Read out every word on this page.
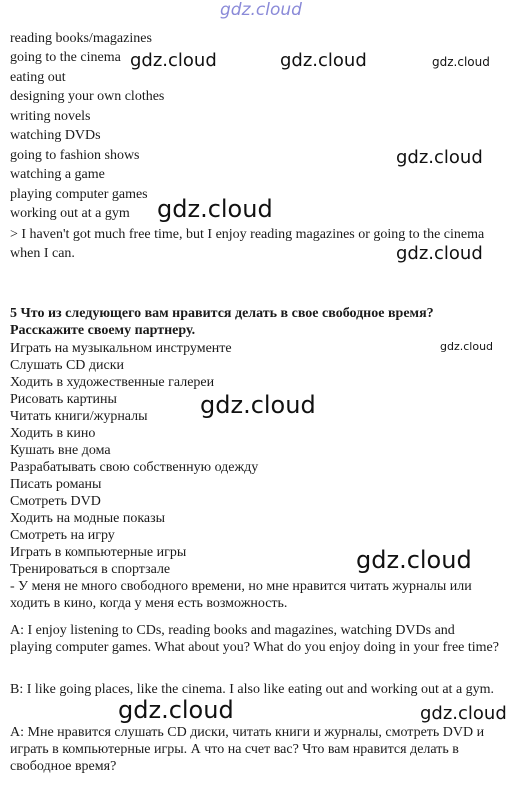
gdz.cloud
gdz.cloud	gdz.cloud	gdz.cloud
gdz.cloud
gdz.cloud
gdz.cloud
gdz.cloud
gdz.cloud
gdz.cloud
gdz.cloud	gdz.cloud
reading books/magazines
going to the cinema
eating out
designing your own clothes
writing novels
watching DVDs
going to fashion shows
watching a game
playing computer games
working out at a gym
> I haven't got much free time, but I enjoy reading magazines or going to the cinema when I can.
5 Что из следующего вам нравится делать в свое свободное время? Расскажите своему партнеру.
Играть на музыкальном инструменте
Слушать CD диски
Ходить в художественные галереи
Рисовать картины
Читать книги/журналы
Ходить в кино
Кушать вне дома
Разрабатывать свою собственную одежду
Писать романы
Смотреть DVD
Ходить на модные показы
Смотреть на игру
Играть в компьютерные игры
Тренироваться в спортзале
- У меня не много свободного времени, но мне нравится читать журналы или ходить в кино, когда у меня есть возможность.
A: I enjoy listening to CDs, reading books and magazines, watching DVDs and playing computer games. What about you? What do you enjoy doing in your free time?
B: I like going places, like the cinema. I also like eating out and working out at a gym.
A: Мне нравится слушать CD диски, читать книги и журналы, смотреть DVD и играть в компьютерные игры. А что на счет вас? Что вам нравится делать в свободное время?
